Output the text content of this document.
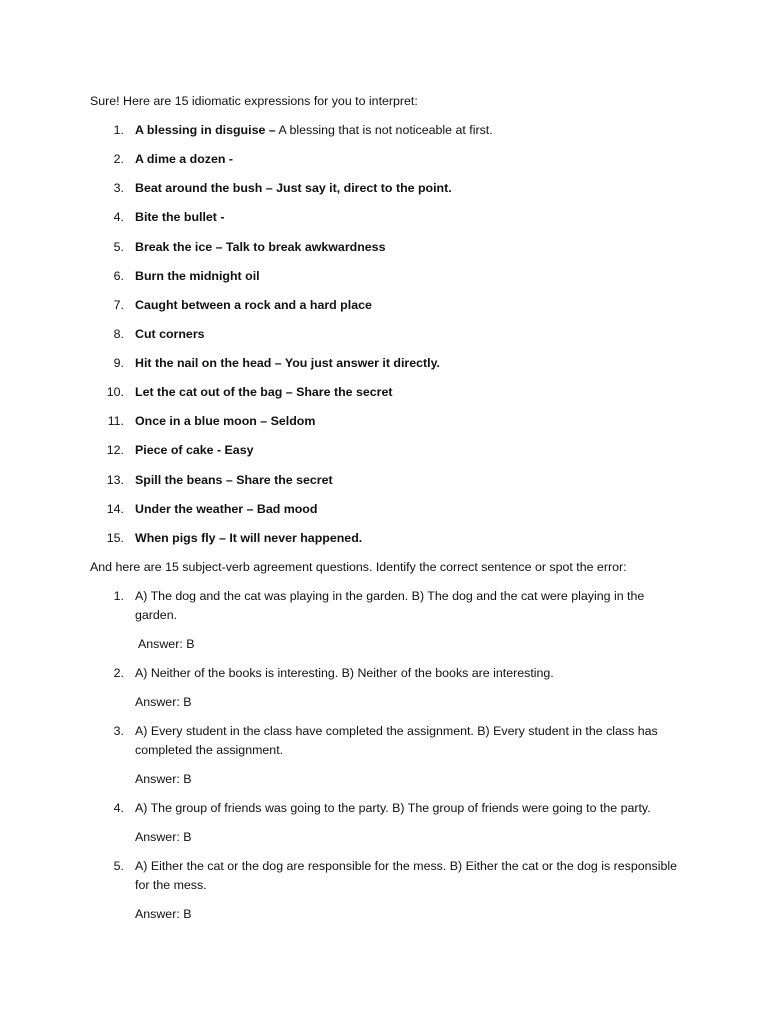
Sure! Here are 15 idiomatic expressions for you to interpret:
1. A blessing in disguise – A blessing that is not noticeable at first.
2. A dime a dozen -
3. Beat around the bush – Just say it, direct to the point.
4. Bite the bullet -
5. Break the ice – Talk to break awkwardness
6. Burn the midnight oil
7. Caught between a rock and a hard place
8. Cut corners
9. Hit the nail on the head – You just answer it directly.
10. Let the cat out of the bag – Share the secret
11. Once in a blue moon – Seldom
12. Piece of cake - Easy
13. Spill the beans – Share the secret
14. Under the weather – Bad mood
15. When pigs fly – It will never happened.
And here are 15 subject-verb agreement questions. Identify the correct sentence or spot the error:
1. A) The dog and the cat was playing in the garden. B) The dog and the cat were playing in the garden.
Answer: B
2. A) Neither of the books is interesting. B) Neither of the books are interesting.
Answer: B
3. A) Every student in the class have completed the assignment. B) Every student in the class has completed the assignment.
Answer: B
4. A) The group of friends was going to the party. B) The group of friends were going to the party.
Answer: B
5. A) Either the cat or the dog are responsible for the mess. B) Either the cat or the dog is responsible for the mess.
Answer: B
